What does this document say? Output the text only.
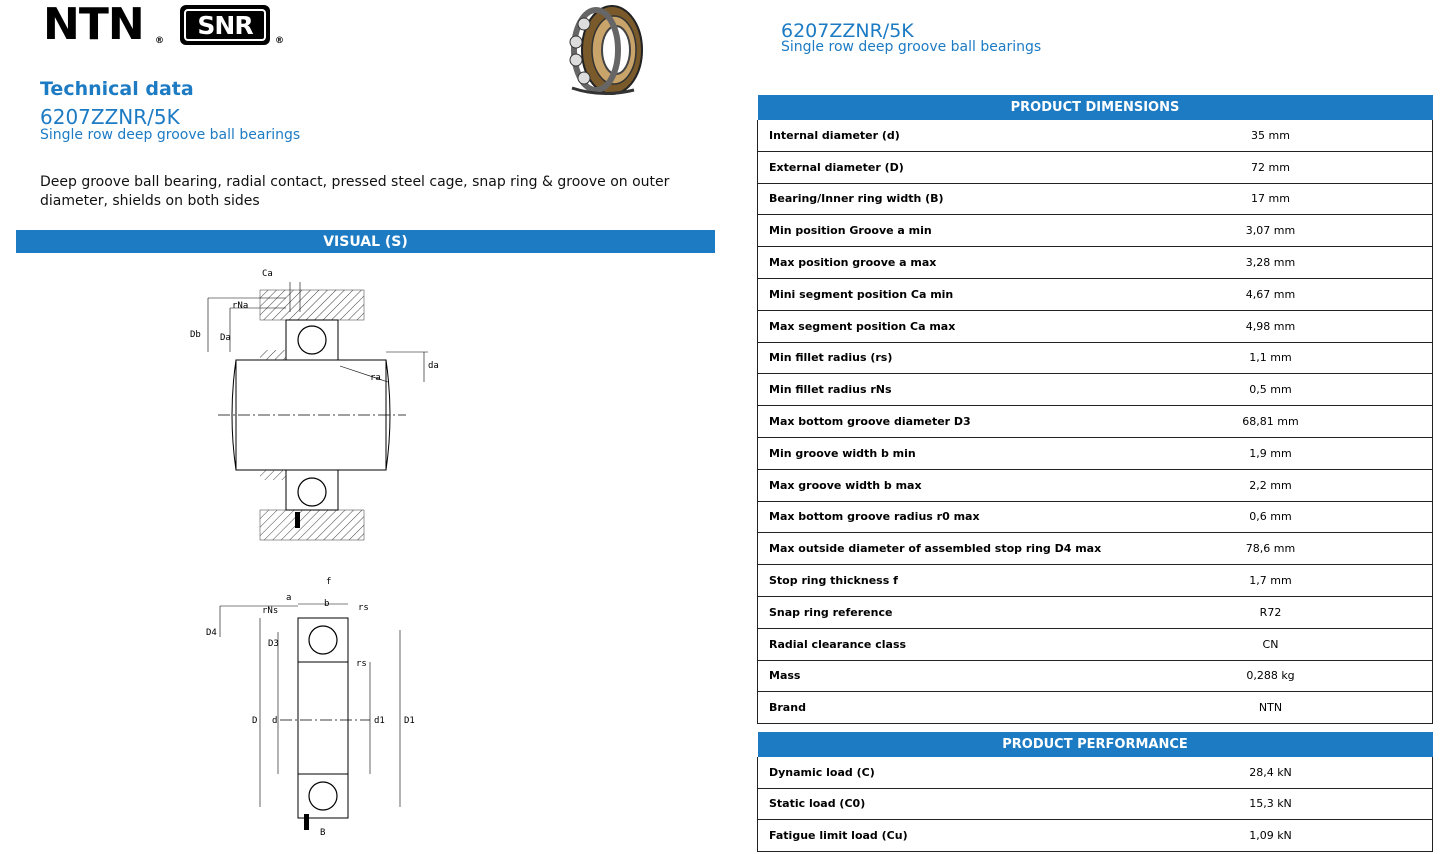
NTN ®
SNR
®
Technical data
6207ZZNR/5K
Single row deep groove ball bearings
Deep groove ball bearing, radial contact, pressed steel cage, snap ring & groove on outer diameter, shields on both sides
VISUAL (S)
Ca
rNa
Db Da
ra
da
f
a
b
rNs	rs
D4
D3
rs
D d	d1 D1
B
6207ZZNR/5K
Single row deep groove ball bearings
PRODUCT DIMENSIONS	
Internal diameter (d)	35 mm
External diameter (D)	72 mm
Bearing/Inner ring width (B)	17 mm
Min position Groove a min	3,07 mm
Max position groove a max	3,28 mm
Mini segment position Ca min	4,67 mm
Max segment position Ca max	4,98 mm
Min fillet radius (rs)	1,1 mm
Min fillet radius rNs	0,5 mm
Max bottom groove diameter D3	68,81 mm
Min groove width b min	1,9 mm
Max groove width b max	2,2 mm
Max bottom groove radius r0 max	0,6 mm
Max outside diameter of assembled stop ring D4 max	78,6 mm
Stop ring thickness f	1,7 mm
Snap ring reference	R72
Radial clearance class	CN
Mass	0,288 kg
Brand	NTN
PRODUCT PERFORMANCE	
Dynamic load (C)	28,4 kN
Static load (C0)	15,3 kN
Fatigue limit load (Cu)	1,09 kN
